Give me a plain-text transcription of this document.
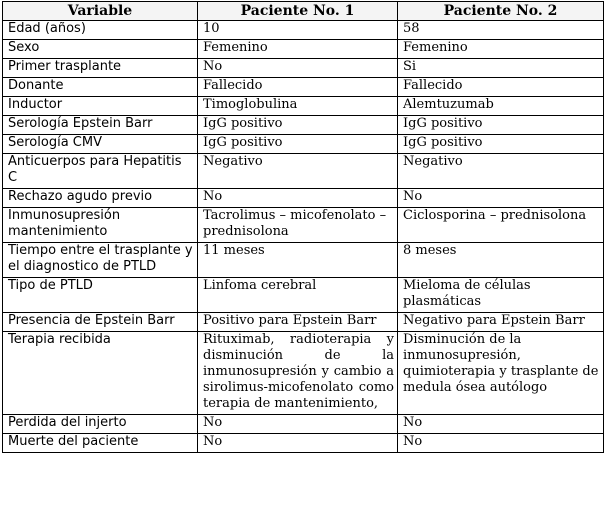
Variable	Paciente No. 1	Paciente No. 2
Edad (años)	10	58
Sexo	Femenino	Femenino
Primer trasplante	No	Si
Donante	Fallecido	Fallecido
Inductor	Timoglobulina	Alemtuzumab
Serología Epstein Barr	IgG positivo	IgG positivo
Serología CMV	IgG positivo	IgG positivo
Anticuerpos para Hepatitis C	Negativo	Negativo
Rechazo agudo previo	No	No
Inmunosupresión mantenimiento	Tacrolimus – micofenolato – prednisolona	Ciclosporina – prednisolona
Tiempo entre el trasplante y el diagnostico de PTLD	11 meses	8 meses
Tipo de PTLD	Linfoma cerebral	Mieloma de células plasmáticas
Presencia de Epstein Barr	Positivo para Epstein Barr	Negativo para Epstein Barr
Terapia recibida	Rituximab, radioterapia y disminución de la inmunosupresión y cambio a sirolimus-micofenolato como terapia de mantenimiento,	Disminución de la inmunosupresión, quimioterapia y trasplante de medula ósea autólogo
Perdida del injerto	No	No
Muerte del paciente	No	No
